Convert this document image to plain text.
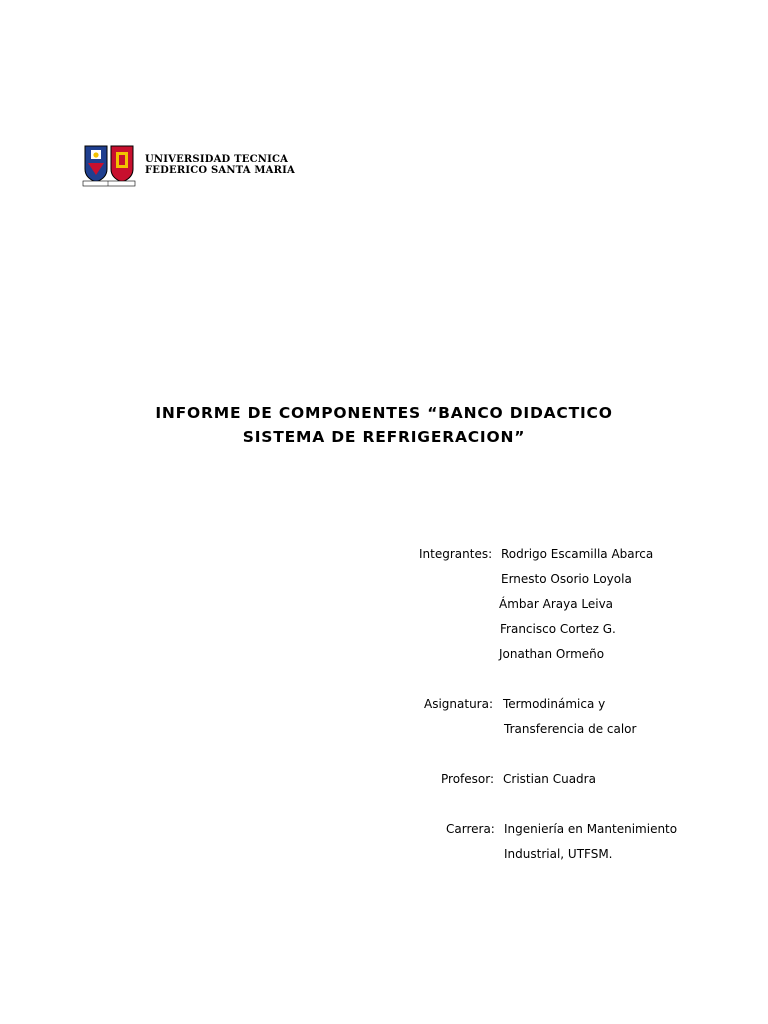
UNIVERSIDAD TECNICA
FEDERICO SANTA MARIA
INFORME DE COMPONENTES “BANCO DIDACTICO
SISTEMA DE REFRIGERACION”
Integrantes: Rodrigo Escamilla Abarca
Ernesto Osorio Loyola
Ámbar Araya Leiva
Francisco Cortez G.
Jonathan Ormeño
Asignatura: Termodinámica y
Transferencia de calor
Profesor: Cristian Cuadra
Carrera: Ingeniería en Mantenimiento
Industrial, UTFSM.
